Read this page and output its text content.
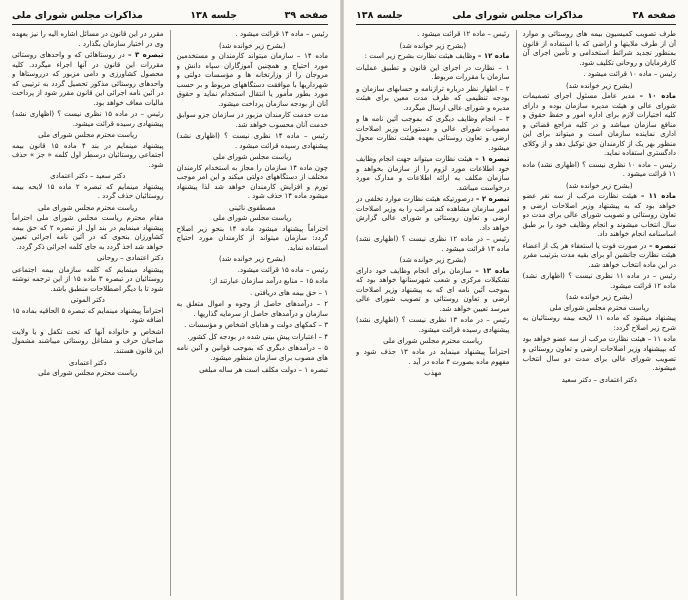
صفحه ۳۹
جلسه ۱۳۸
مذاکرات مجلس شورای ملی
رئیس – ماده ۱۴ قرائت میشود .
(بشرح زیر خوانده شد)
ماده ۱۴ – سازمان میتواند کارمندان و مستخدمین مورد احتیاج و همچنین آموزگاران سپاه دانش و مروجان را از وزارتخانه ها و مؤسسات دولتی و شهرداریها با موافقت دستگاههای مربوط و بر حسب مورد بطور مأمور یا انتقال استخدام نماید و حقوق آنان از بودجه سازمان پرداخت میشود.
مدت خدمت کارمندان مزبور در سازمان جزو سوابق خدمت آنان محسوب خواهد شد.
رئیس – ماده ۱۴ نظری نیست ؟ (اظهاری نشد) پیشنهادی رسیده قرائت میشود .
ریاست مجلس شورای ملی
چون ماده ۱۴ سازمان را مجاز به استخدام کارمندان مختلف از دستگاههای دولتی میکند و این امر موجب تورم و افزایش کارمندان خواهد شد لذا پیشنهاد میشود ماده ۱۴ حذف شود .
مصطفوی نائینی
ریاست مجلس شورای ملی
احتراماً پیشنهاد میشود ماده ۱۴ بنحو زیر اصلاح گردد: سازمان میتواند از کارمندان مورد احتیاج استفاده نماید.
(بشرح زیر خوانده شد)
رئیس – ماده ۱۵ قرائت میشود.
ماده ۱۵ – منابع درآمد سازمان عبارتند از:
۱ – حق بیمه های دریافتی .
۲ – درآمدهای حاصل از وجوه و اموال متعلق به سازمان و درآمدهای حاصل از سرمایه گذاریها .
۳ – کمکهای دولت و هدایای اشخاص و مؤسسات .
۴ – اعتبارات پیش بینی شده در بودجه کل کشور.
۵ – درآمدهای دیگری که بموجب قوانین و آئین نامه های مصوب برای سازمان منظور میشود.
تبصره ۱ – دولت مکلف است هر ساله مبلغی
مقرر در این قانون در مسائل اشاره الیه را نیز بعهده وی در اختیار سازمان بگذارد .
تبصره ۳ – در روستاهائی که و واحدهای روستائی مقررات این قانون در آنها اجراء میگردد. کلیه محصول کشاورزی و دامی مزبور که درروستاها و واحدهای روستائی مذکور تحصیل گردد به ترتیبی که در آئین نامه اجرائی این قانون مقرر شود از پرداخت مالیات معاف خواهد بود.
رئیس – در ماده ۱۵ نظری نیست ؟ (اظهاری نشد) پیشنهادی رسیده قرائت میشود.
ریاست محترم مجلس شورای ملی
پیشنهاد مینمایم در بند ۴ ماده ۱۵ قانون بیمه اجتماعی روستائیان درسطر اول کلمه « جز » حذف شود.
دکتر سعید – دکتر اعتمادی
پیشنهاد مینمایم که تبصره ۲ ماده ۱۵ لایحه بیمه روستائیان حذف گردد .
ریاست محترم مجلس شورای ملی
مقام محترم ریاست مجلس شورای ملی احتراماً پیشنهاد مینمایم در بند اول از تبصره ۲ که حق بیمه کشاورزان بنحوی که در آئین نامه اجرائی تعیین خواهد شد اخذ گردد به جای کلمه اجرائی ذکر گردد.
دکتر اعتمادی – روحانی
پیشنهاد مینمایم که کلمه سازمان بیمه اجتماعی روستائیان در تبصره ۳ ماده ۱۵ از این ترجمه نوشته شود تا با دیگر اصطلاحات منطبق باشد.
دکتر الموتی
احتراماً پیشنهاد مینمایم که تبصره ۵ الحاقیه بماده ۱۵ اضافه شود.
اشخاص و خانواده آنها که تحت تکفل و یا ولایت صاحبان حرف و مشاغل روستائی میباشند مشمول این قانون هستند.
دکتر اعتمادی
ریاست محترم مجلس شورای ملی
صفحه ۳۸
مذاکرات مجلس شورای ملی
جلسه ۱۳۸
طرف تصویب کمیسیون بیمه های روستائی و موارد آن از طرف ملایتها و اراضی که با استفاده از قانون بمنظور تجدید شرائط استخدامی و تأمین اجرای آن کارفرمایان و روحانی تکلیف شود.
رئیس – ماده ۱۰ قرائت میشود .
(بشرح زیر خوانده شد)
ماده ۱۰ – مدیر عامل مسئول اجرای تصمیمات شورای عالی و هیئت مدیره سازمان بوده و دارای کلیه اختیارات لازم برای اداره امور و حفظ حقوق و منافع سازمان میباشد و در کلیه مراجع قضائی و اداری نماینده سازمان است و میتواند برای این منظور بهر یک از کارمندان حق توکیل دهد و از وکلای دادگستری استفاده نماید.
رئیس – ماده ۱۰ نظری نیست ؟ (اظهاری نشد) ماده ۱۱ قرائت میشود .
(بشرح زیر خوانده شد)
ماده ۱۱ – هیئت نظارت مرکب از سه نفر عضو خواهد بود که به پیشنهاد وزیر اصلاحات ارضی و تعاون روستائی و تصویب شورای عالی برای مدت دو سال انتخاب میشوند و انجام وظایف خود را بر طبق اساسنامه انجام خواهند داد.
تبصره – در صورت فوت یا استعفاء هر یک از اعضاء هیئت نظارت جانشین او برای بقیه مدت بترتیب مقرر در این ماده انتخاب خواهد شد.
رئیس – در ماده ۱۱ نظری نیست ؟ (اظهاری نشد) ماده ۱۲ قرائت میشود.
(بشرح زیر خوانده شد)
ریاست محترم مجلس شورای ملی
پیشنهاد میشود که ماده ۱۱ لایحه بیمه روستائیان به شرح زیر اصلاح گردد:
ماده ۱۱ – هیئت نظارت مرکب از سه عضو خواهد بود که بپیشنهاد وزیر اصلاحات ارضی و تعاون روستائی و تصویب شورای عالی برای مدت دو سال انتخاب میشوند.
دکتر اعتمادی – دکتر سعید
رئیس – ماده ۱۲ قرائت میشود .
(بشرح زیر خوانده شد)
ماده ۱۲ – وظایف هیئت نظارت بشرح زیر است :
۱ – نظارت در اجرای این قانون و تطبیق عملیات سازمان با مقررات مربوط.
۲ – اظهار نظر درباره ترازنامه و حسابهای سازمان و بودجه تنظیمی که ظرف مدت معین برای هیئت مدیره و شورای عالی ارسال میگردد.
۳ – انجام وظایف دیگری که بموجب آئین نامه ها و مصوبات شورای عالی و دستورات وزیر اصلاحات ارضی و تعاون روستائی بعهده هیئت نظارت محول میشود.
تبصره ۱ – هیئت نظارت میتواند جهت انجام وظایف خود اطلاعات مورد لزوم را از سازمان بخواهد و سازمان مکلف به ارائه اطلاعات و مدارک مورد درخواست میباشد.
تبصره ۲ – درصورتیکه هیئت نظارت موارد تخلفی در امور سازمان مشاهده کند مراتب را به وزیر اصلاحات ارضی و تعاون روستائی و شورای عالی گزارش خواهد داد.
رئیس – در ماده ۱۲ نظری نیست ؟ (اظهاری نشد) ماده ۱۳ قرائت میشود .
(بشرح زیر خوانده شد)
ماده ۱۳ – سازمان برای انجام وظایف خود دارای تشکیلات مرکزی و شعب شهرستانها خواهد بود که بموجب آئین نامه ای که به پیشنهاد وزیر اصلاحات ارضی و تعاون روستائی و تصویب شورای عالی میرسد تعیین خواهد شد.
رئیس – در ماده ۱۳ نظری نیست ؟ (اظهاری نشد) پیشنهادی رسیده قرائت میشود.
ریاست محترم مجلس شورای ملی
احتراماً پیشنهاد مینماید در ماده ۱۳ حذف شود و مفهوم ماده بصورت ۴ ماده در آید .
مهذب
